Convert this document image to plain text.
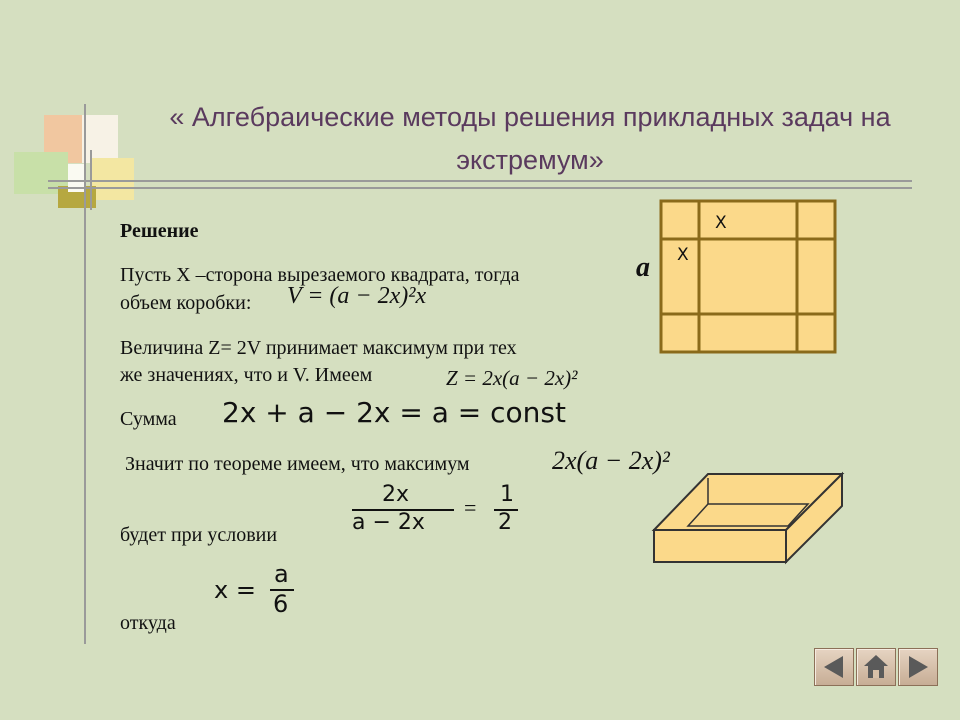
« Алгебраические методы решения прикладных задач на экстремум»
Решение
Пусть X –сторона вырезаемого квадрата, тогда
объем коробки:
Величина Z= 2V принимает максимум при тех
же значениях, что и V. Имеем
Сумма
Значит по теореме имеем, что максимум
будет при условии
откуда
V = (a − 2x)²x
Z = 2x(a − 2x)²
2x + a − 2x = a = const
2x(a − 2x)²
2x
a − 2x
=
1
2
x =
a
6
X
X
a
